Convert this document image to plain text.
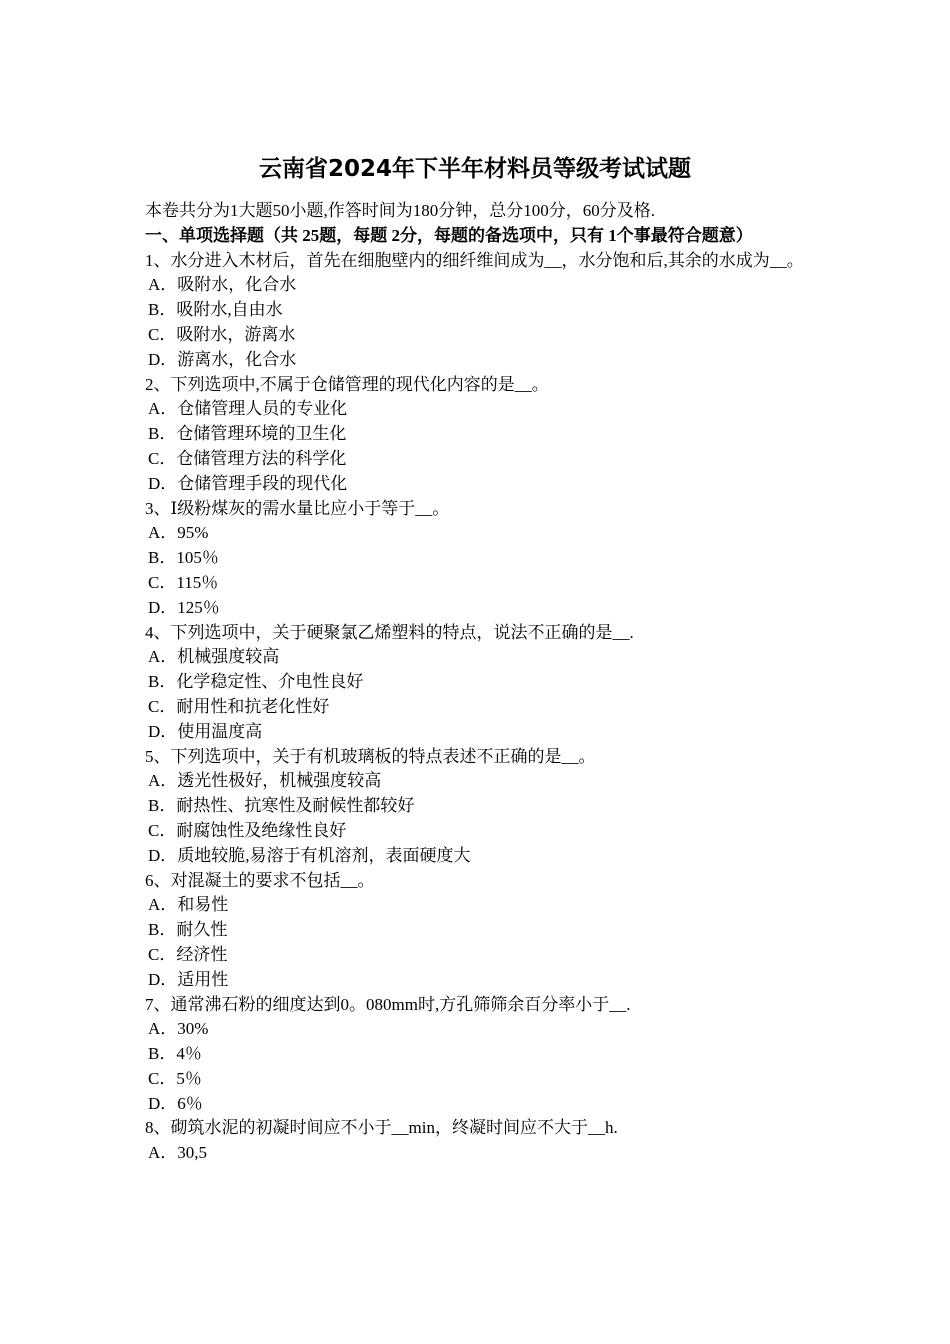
云南省2024年下半年材料员等级考试试题
本卷共分为1大题50小题,作答时间为180分钟，总分100分，60分及格.
一、单项选择题（共 25题，每题 2分，每题的备选项中，只有 1个事最符合题意）
1、水分进入木材后，首先在细胞壁内的细纤维间成为__，水分饱和后,其余的水成为__。
A．吸附水，化合水
B．吸附水,自由水
C．吸附水，游离水
D．游离水，化合水
2、下列选项中,不属于仓储管理的现代化内容的是__。
A．仓储管理人员的专业化
B．仓储管理环境的卫生化
C．仓储管理方法的科学化
D．仓储管理手段的现代化
3、Ⅰ级粉煤灰的需水量比应小于等于__。
A．95%
B．105％
C．115％
D．125％
4、下列选项中，关于硬聚氯乙烯塑料的特点，说法不正确的是__.
A．机械强度较高
B．化学稳定性、介电性良好
C．耐用性和抗老化性好
D．使用温度高
5、下列选项中，关于有机玻璃板的特点表述不正确的是__。
A．透光性极好，机械强度较高
B．耐热性、抗寒性及耐候性都较好
C．耐腐蚀性及绝缘性良好
D．质地较脆,易溶于有机溶剂，表面硬度大
6、对混凝土的要求不包括__。
A．和易性
B．耐久性
C．经济性
D．适用性
7、通常沸石粉的细度达到0。080mm时,方孔筛筛余百分率小于__.
A．30%
B．4％
C．5％
D．6％
8、砌筑水泥的初凝时间应不小于__min，终凝时间应不大于__h.
A．30,5
